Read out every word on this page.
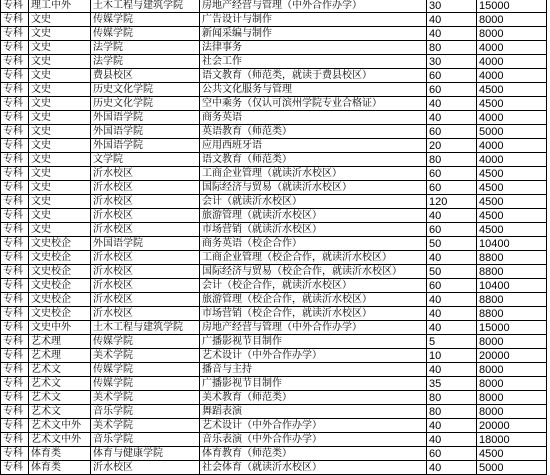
专科	理工中外	土木工程与建筑学院	房地产经营与管理（中外合作办学）	30	15000
专科	文史	传媒学院	广告设计与制作	40	8000
专科	文史	传媒学院	新闻采编与制作	40	8000
专科	文史	法学院	法律事务	80	4000
专科	文史	法学院	社会工作	30	4000
专科	文史	费县校区	语文教育（师范类，就读于费县校区）	60	4000
专科	文史	历史文化学院	公共文化服务与管理	60	4500
专科	文史	历史文化学院	空中乘务（仅认可滨州学院专业合格证）	40	4500
专科	文史	外国语学院	商务英语	40	4000
专科	文史	外国语学院	英语教育（师范类）	60	5000
专科	文史	外国语学院	应用西班牙语	20	4000
专科	文史	文学院	语文教育（师范类）	80	4000
专科	文史	沂水校区	工商企业管理（就读沂水校区）	60	4500
专科	文史	沂水校区	国际经济与贸易（就读沂水校区）	60	4500
专科	文史	沂水校区	会计（就读沂水校区）	120	4500
专科	文史	沂水校区	旅游管理（就读沂水校区）	40	4500
专科	文史	沂水校区	市场营销（就读沂水校区）	60	4500
专科	文史校企	外国语学院	商务英语（校企合作）	50	10400
专科	文史校企	沂水校区	工商企业管理（校企合作，就读沂水校区）	40	8800
专科	文史校企	沂水校区	国际经济与贸易（校企合作，就读沂水校区）	50	8800
专科	文史校企	沂水校区	会计（校企合作，就读沂水校区）	60	10400
专科	文史校企	沂水校区	旅游管理（校企合作，就读沂水校区）	40	8800
专科	文史校企	沂水校区	市场营销（校企合作，就读沂水校区）	40	8800
专科	文史中外	土木工程与建筑学院	房地产经营与管理（中外合作办学）	40	15000
专科	艺术理	传媒学院	广播影视节目制作	5	8000
专科	艺术理	美术学院	艺术设计（中外合作办学）	10	20000
专科	艺术文	传媒学院	播音与主持	40	8000
专科	艺术文	传媒学院	广播影视节目制作	35	8000
专科	艺术文	美术学院	美术教育（师范类）	80	8000
专科	艺术文	音乐学院	舞蹈表演	80	8000
专科	艺术文中外	美术学院	艺术设计（中外合作办学）	40	20000
专科	艺术文中外	音乐学院	音乐表演（中外合作办学）	40	18000
专科	体育类	体育与健康学院	体育教育（师范类）	60	4500
专科	体育类	沂水校区	社会体育（就读沂水校区）	40	5000
